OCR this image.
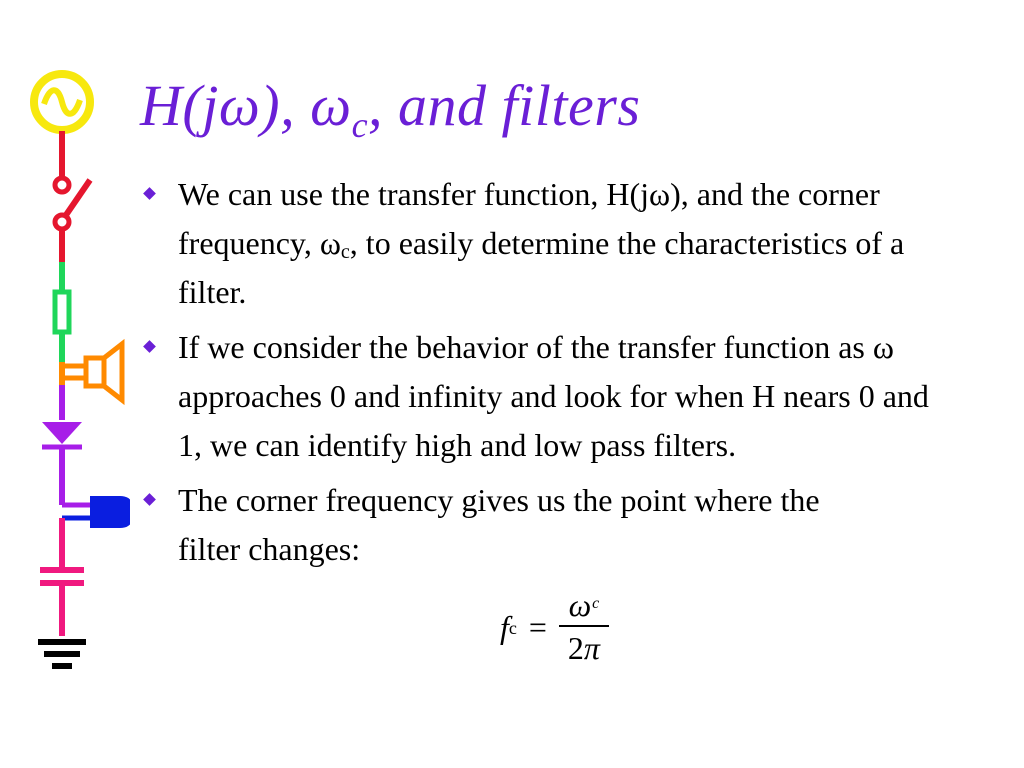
H(jω), $\omega_c$, and filters
We can use the transfer function, H(jω), and the corner frequency, $\omega_c$, to easily determine the characteristics of a filter.
If we consider the behavior of the transfer function as ω approaches 0 and infinity and look for when H nears 0 and 1, we can identify high and low pass filters.
The corner frequency gives us the point where the filter changes:
f $c = \frac{\omega_c}{2\pi}$
